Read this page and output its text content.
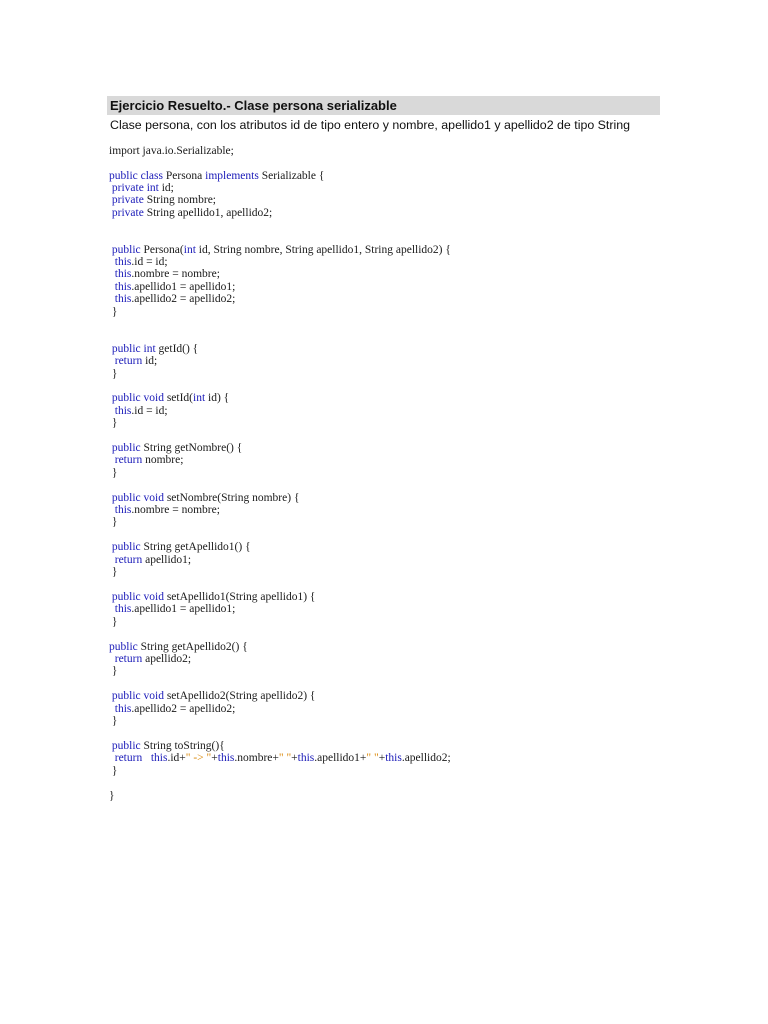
Ejercicio Resuelto.- Clase persona serializable
Clase persona, con los atributos id de tipo entero y nombre, apellido1 y apellido2 de tipo String
import java.io.Serializable;
public class Persona implements Serializable {
private int id;
private String nombre;
private String apellido1, apellido2;
public Persona(int id, String nombre, String apellido1, String apellido2) {
this.id = id;
this.nombre = nombre;
this.apellido1 = apellido1;
this.apellido2 = apellido2;
}
public int getId() {
return id;
}
public void setId(int id) {
this.id = id;
}
public String getNombre() {
return nombre;
}
public void setNombre(String nombre) {
this.nombre = nombre;
}
public String getApellido1() {
return apellido1;
}
public void setApellido1(String apellido1) {
this.apellido1 = apellido1;
}
public String getApellido2() {
return apellido2;
}
public void setApellido2(String apellido2) {
this.apellido2 = apellido2;
}
public String toString(){
return this.id+" -> "+this.nombre+" "+this.apellido1+" "+this.apellido2;
}
}
